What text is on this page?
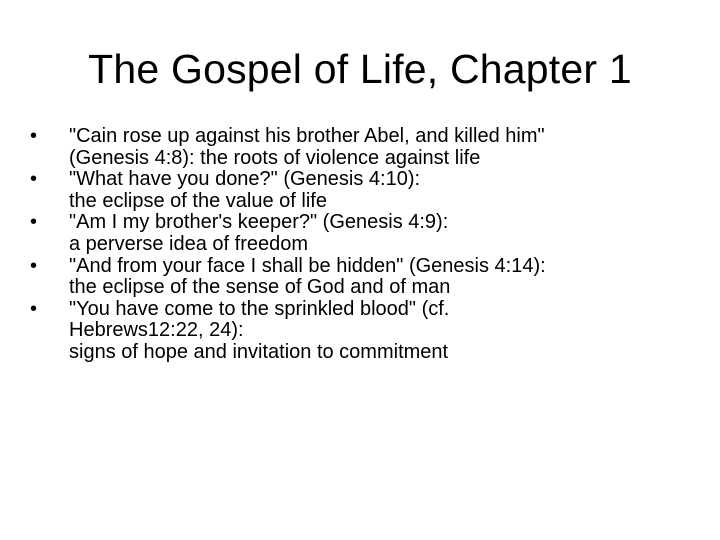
The Gospel of Life, Chapter 1
• "Cain rose up against his brother Abel, and killed him"
(Genesis 4:8): the roots of violence against life
• "What have you done?" (Genesis 4:10):
the eclipse of the value of life
• "Am I my brother's keeper?" (Genesis 4:9):
a perverse idea of freedom
• "And from your face I shall be hidden" (Genesis 4:14):
the eclipse of the sense of God and of man
• "You have come to the sprinkled blood" (cf.
Hebrews12:22, 24):
signs of hope and invitation to commitment
